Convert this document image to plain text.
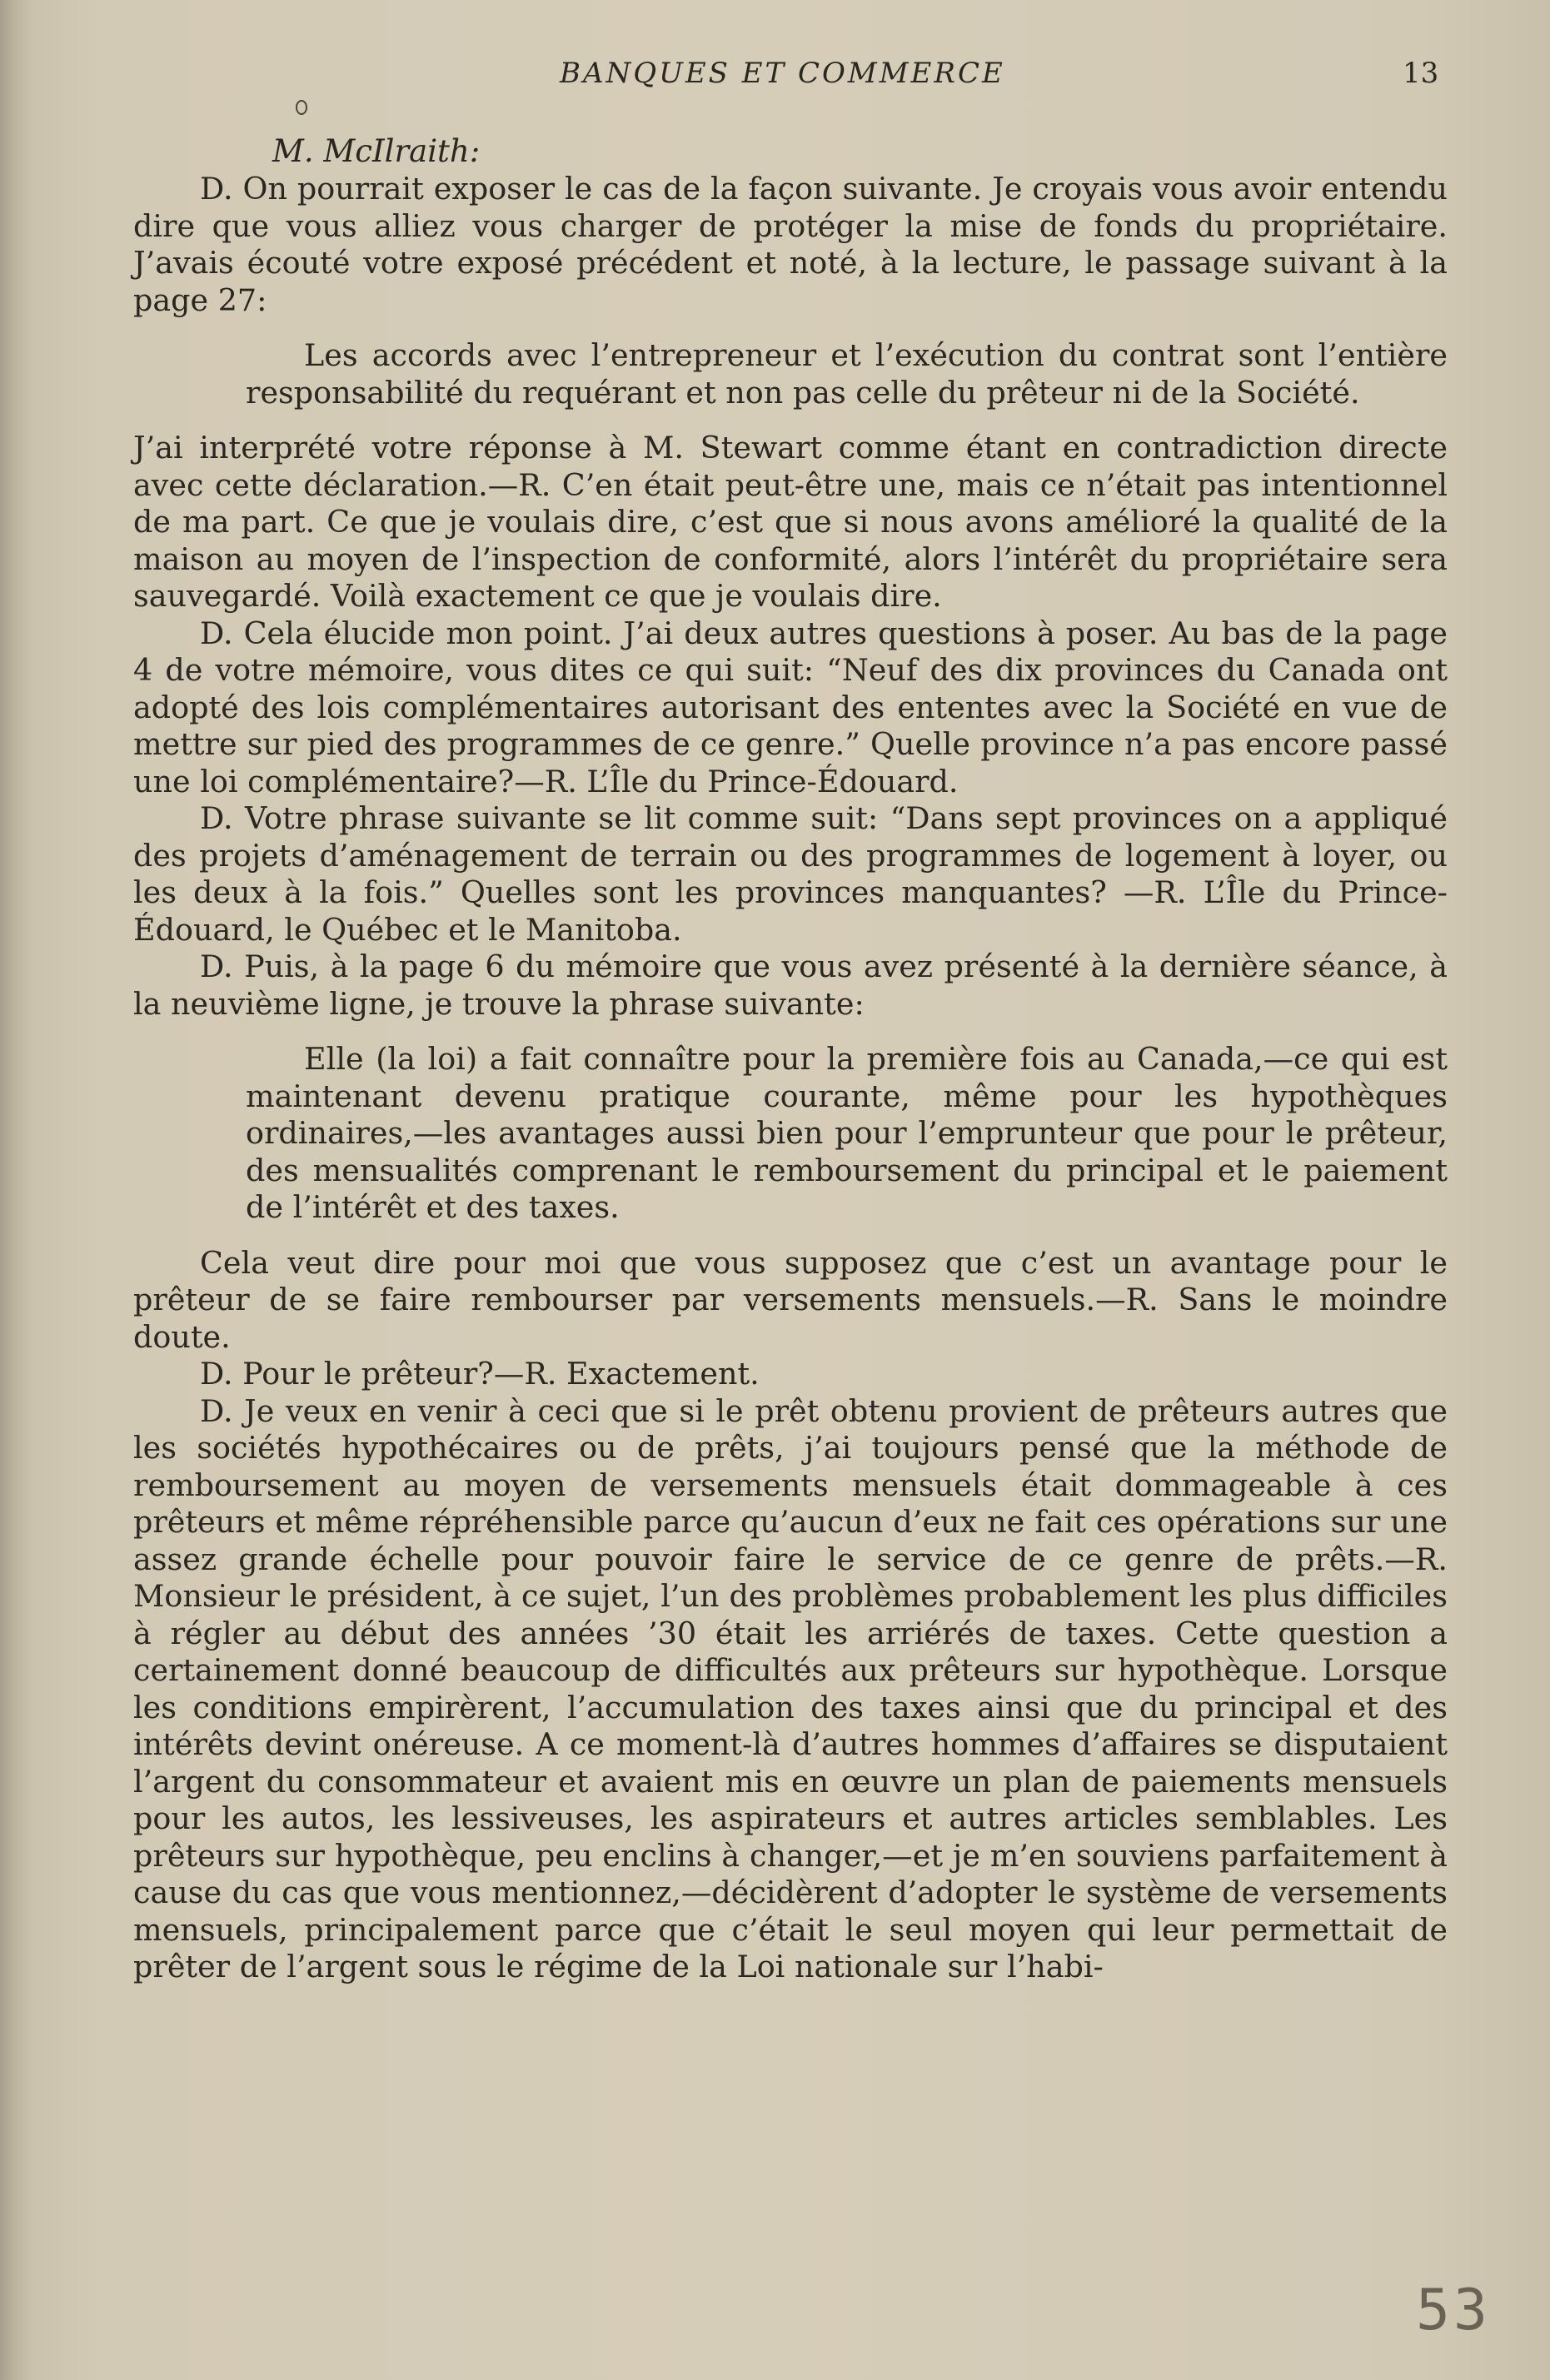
BANQUES ET COMMERCE	13
M. McIlraith:

D. On pourrait exposer le cas de la façon suivante. Je croyais vous avoir entendu dire que vous alliez vous charger de protéger la mise de fonds du propriétaire. J’avais écouté votre exposé précédent et noté, à la lecture, le passage suivant à la page 27:

Les accords avec l’entrepreneur et l’exécution du contrat sont l’entière responsabilité du requérant et non pas celle du prêteur ni de la Société.

J’ai interprété votre réponse à M. Stewart comme étant en contradiction directe avec cette déclaration.—R. C’en était peut-être une, mais ce n’était pas intentionnel de ma part. Ce que je voulais dire, c’est que si nous avons amélioré la qualité de la maison au moyen de l’inspection de conformité, alors l’intérêt du propriétaire sera sauvegardé. Voilà exactement ce que je voulais dire.

D. Cela élucide mon point. J’ai deux autres questions à poser. Au bas de la page 4 de votre mémoire, vous dites ce qui suit: “Neuf des dix provinces du Canada ont adopté des lois complémentaires autorisant des ententes avec la Société en vue de mettre sur pied des programmes de ce genre.” Quelle province n’a pas encore passé une loi complémentaire?—R. L’Île du Prince-Édouard.

D. Votre phrase suivante se lit comme suit: “Dans sept provinces on a appliqué des projets d’aménagement de terrain ou des programmes de logement à loyer, ou les deux à la fois.” Quelles sont les provinces manquantes? —R. L’Île du Prince-Édouard, le Québec et le Manitoba.

D. Puis, à la page 6 du mémoire que vous avez présenté à la dernière séance, à la neuvième ligne, je trouve la phrase suivante:

Elle (la loi) a fait connaître pour la première fois au Canada,—ce qui est maintenant devenu pratique courante, même pour les hypothèques ordinaires,—les avantages aussi bien pour l’emprunteur que pour le prêteur, des mensualités comprenant le remboursement du principal et le paiement de l’intérêt et des taxes.

Cela veut dire pour moi que vous supposez que c’est un avantage pour le prêteur de se faire rembourser par versements mensuels.—R. Sans le moindre doute.

D. Pour le prêteur?—R. Exactement.

D. Je veux en venir à ceci que si le prêt obtenu provient de prêteurs autres que les sociétés hypothécaires ou de prêts, j’ai toujours pensé que la méthode de remboursement au moyen de versements mensuels était dommageable à ces prêteurs et même répréhensible parce qu’aucun d’eux ne fait ces opérations sur une assez grande échelle pour pouvoir faire le service de ce genre de prêts.—R. Monsieur le président, à ce sujet, l’un des problèmes probablement les plus difficiles à régler au début des années ’30 était les arriérés de taxes. Cette question a certainement donné beaucoup de difficultés aux prêteurs sur hypothèque. Lorsque les conditions empirèrent, l’accumulation des taxes ainsi que du principal et des intérêts devint onéreuse. A ce moment-là d’autres hommes d’affaires se disputaient l’argent du consommateur et avaient mis en œuvre un plan de paiements mensuels pour les autos, les lessiveuses, les aspirateurs et autres articles semblables. Les prêteurs sur hypothèque, peu enclins à changer,—et je m’en souviens parfaitement à cause du cas que vous mentionnez,—décidèrent d’adopter le système de versements mensuels, principalement parce que c’était le seul moyen qui leur permettait de prêter de l’argent sous le régime de la Loi nationale sur l’habi-

53
